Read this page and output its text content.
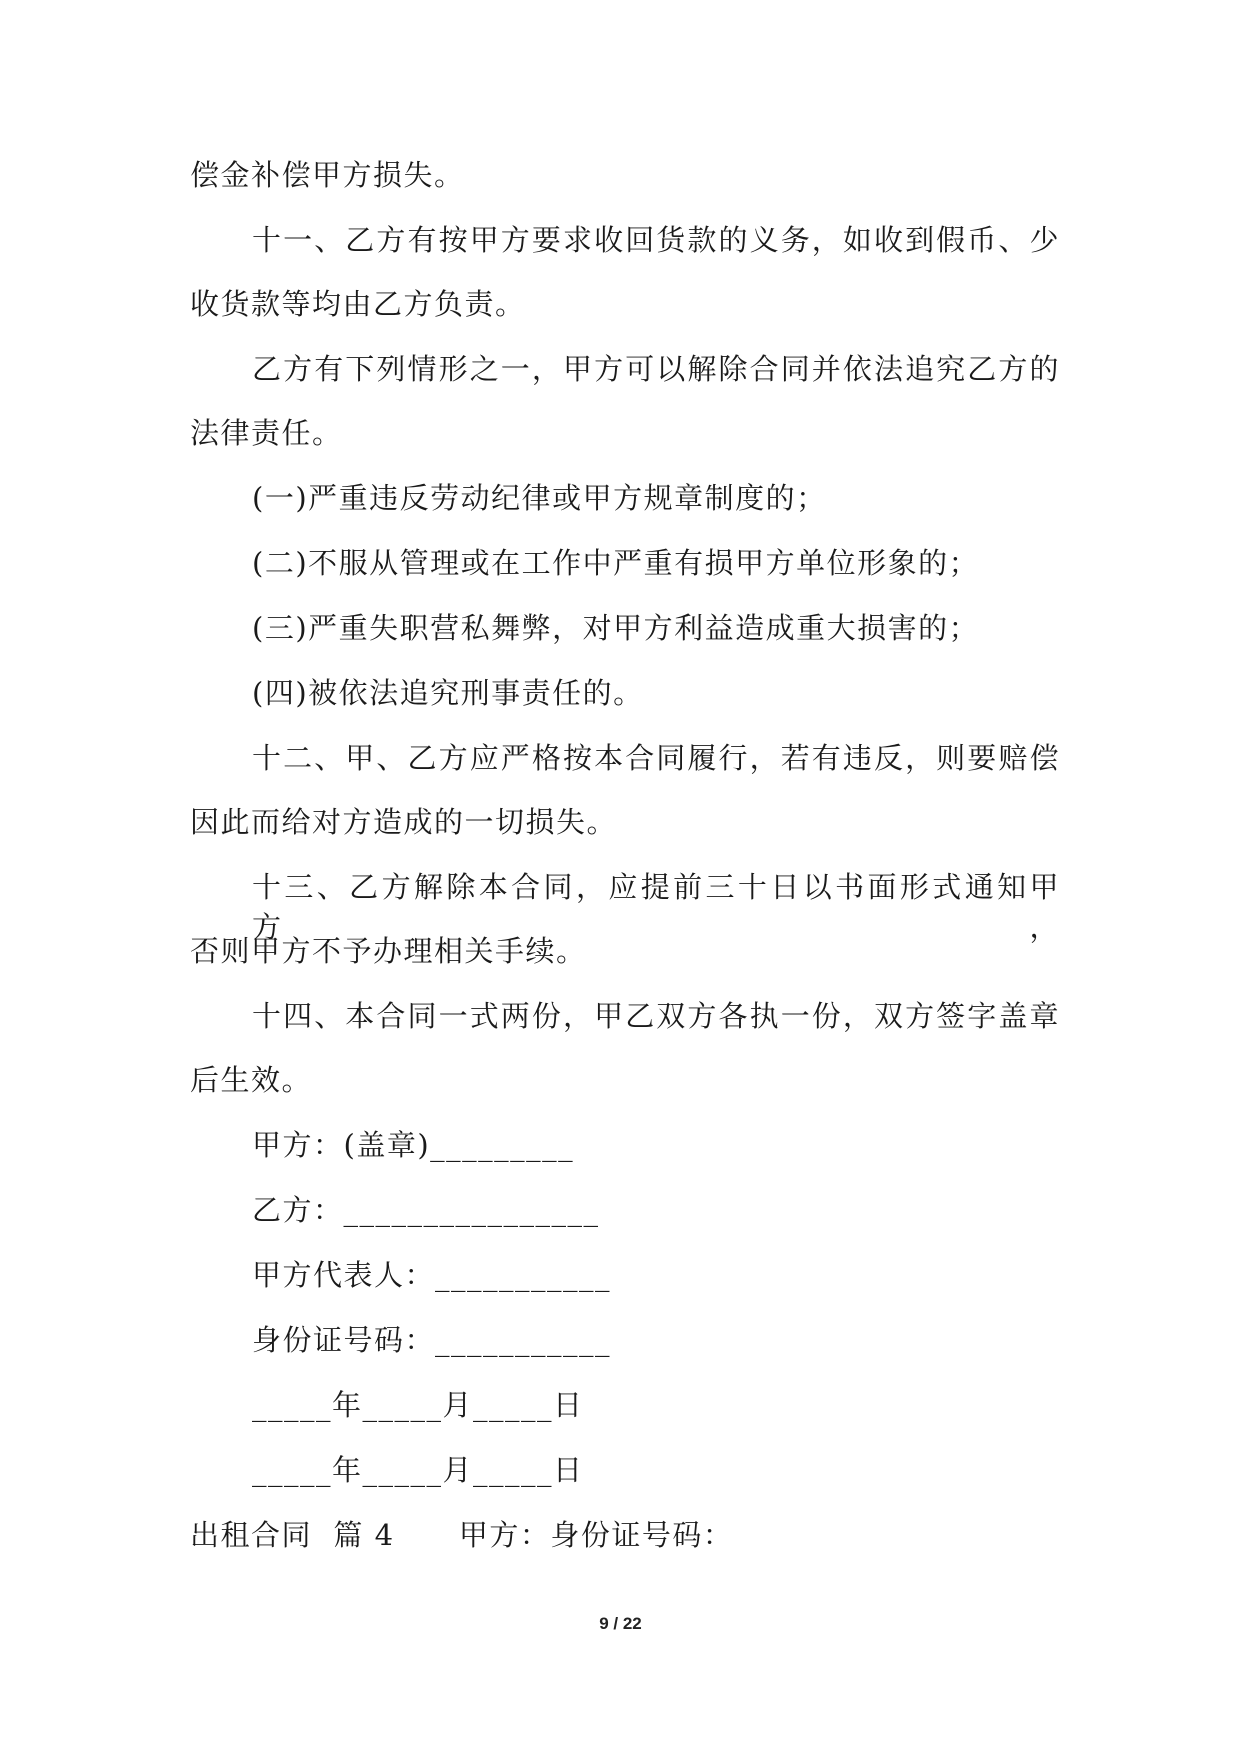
偿金补偿甲方损失。
十一、乙方有按甲方要求收回货款的义务，如收到假币、少
收货款等均由乙方负责。
乙方有下列情形之一，甲方可以解除合同并依法追究乙方的
法律责任。
(一)严重违反劳动纪律或甲方规章制度的；
(二)不服从管理或在工作中严重有损甲方单位形象的；
(三)严重失职营私舞弊，对甲方利益造成重大损害的；
(四)被依法追究刑事责任的。
十二、甲、乙方应严格按本合同履行，若有违反，则要赔偿
因此而给对方造成的一切损失。
十三、乙方解除本合同，应提前三十日以书面形式通知甲方，
否则甲方不予办理相关手续。
十四、本合同一式两份，甲乙双方各执一份，双方签字盖章
后生效。
甲方：(盖章)_________
乙方：________________
甲方代表人：___________
身份证号码：___________
_____年_____月_____日
_____年_____月_____日
出租合同  篇 4      甲方：身份证号码：
9 / 22
